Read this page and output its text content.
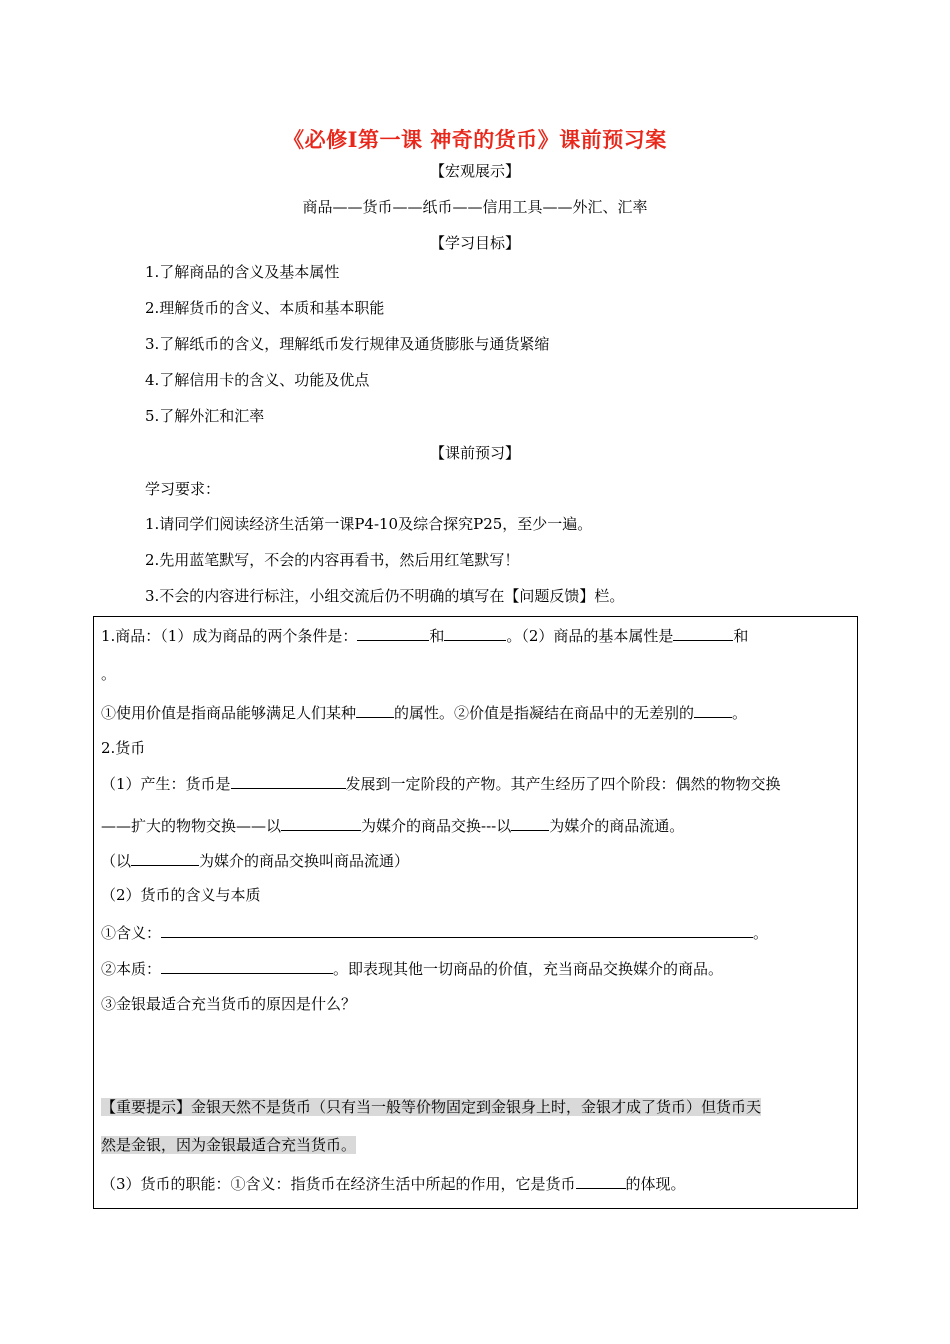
《必修Ⅰ第一课 神奇的货币》课前预习案
【宏观展示】
商品——货币——纸币——信用工具——外汇、汇率
【学习目标】
1.了解商品的含义及基本属性
2.理解货币的含义、本质和基本职能
3.了解纸币的含义，理解纸币发行规律及通货膨胀与通货紧缩
4.了解信用卡的含义、功能及优点
5.了解外汇和汇率
【课前预习】
学习要求：
1.请同学们阅读经济生活第一课P4-10及综合探究P25，至少一遍。
2.先用蓝笔默写，不会的内容再看书，然后用红笔默写！
3.不会的内容进行标注，小组交流后仍不明确的填写在【问题反馈】栏。
1.商品：（1）成为商品的两个条件是：	和	。（2）商品的基本属性是	和
。
①使用价值是指商品能够满足人们某种	的属性。②价值是指凝结在商品中的无差别的	。
2.货币
（1）产生：货币是	发展到一定阶段的产物。其产生经历了四个阶段：偶然的物物交换
——扩大的物物交换——以	为媒介的商品交换---以	为媒介的商品流通。
（以	为媒介的商品交换叫商品流通）
（2）货币的含义与本质
①含义：	。
②本质：	。即表现其他一切商品的价值，充当商品交换媒介的商品。
③金银最适合充当货币的原因是什么？
【重要提示】金银天然不是货币（只有当一般等价物固定到金银身上时，金银才成了货币）但货币天
然是金银，因为金银最适合充当货币。
（3）货币的职能：①含义：指货币在经济生活中所起的作用，它是货币	的体现。
